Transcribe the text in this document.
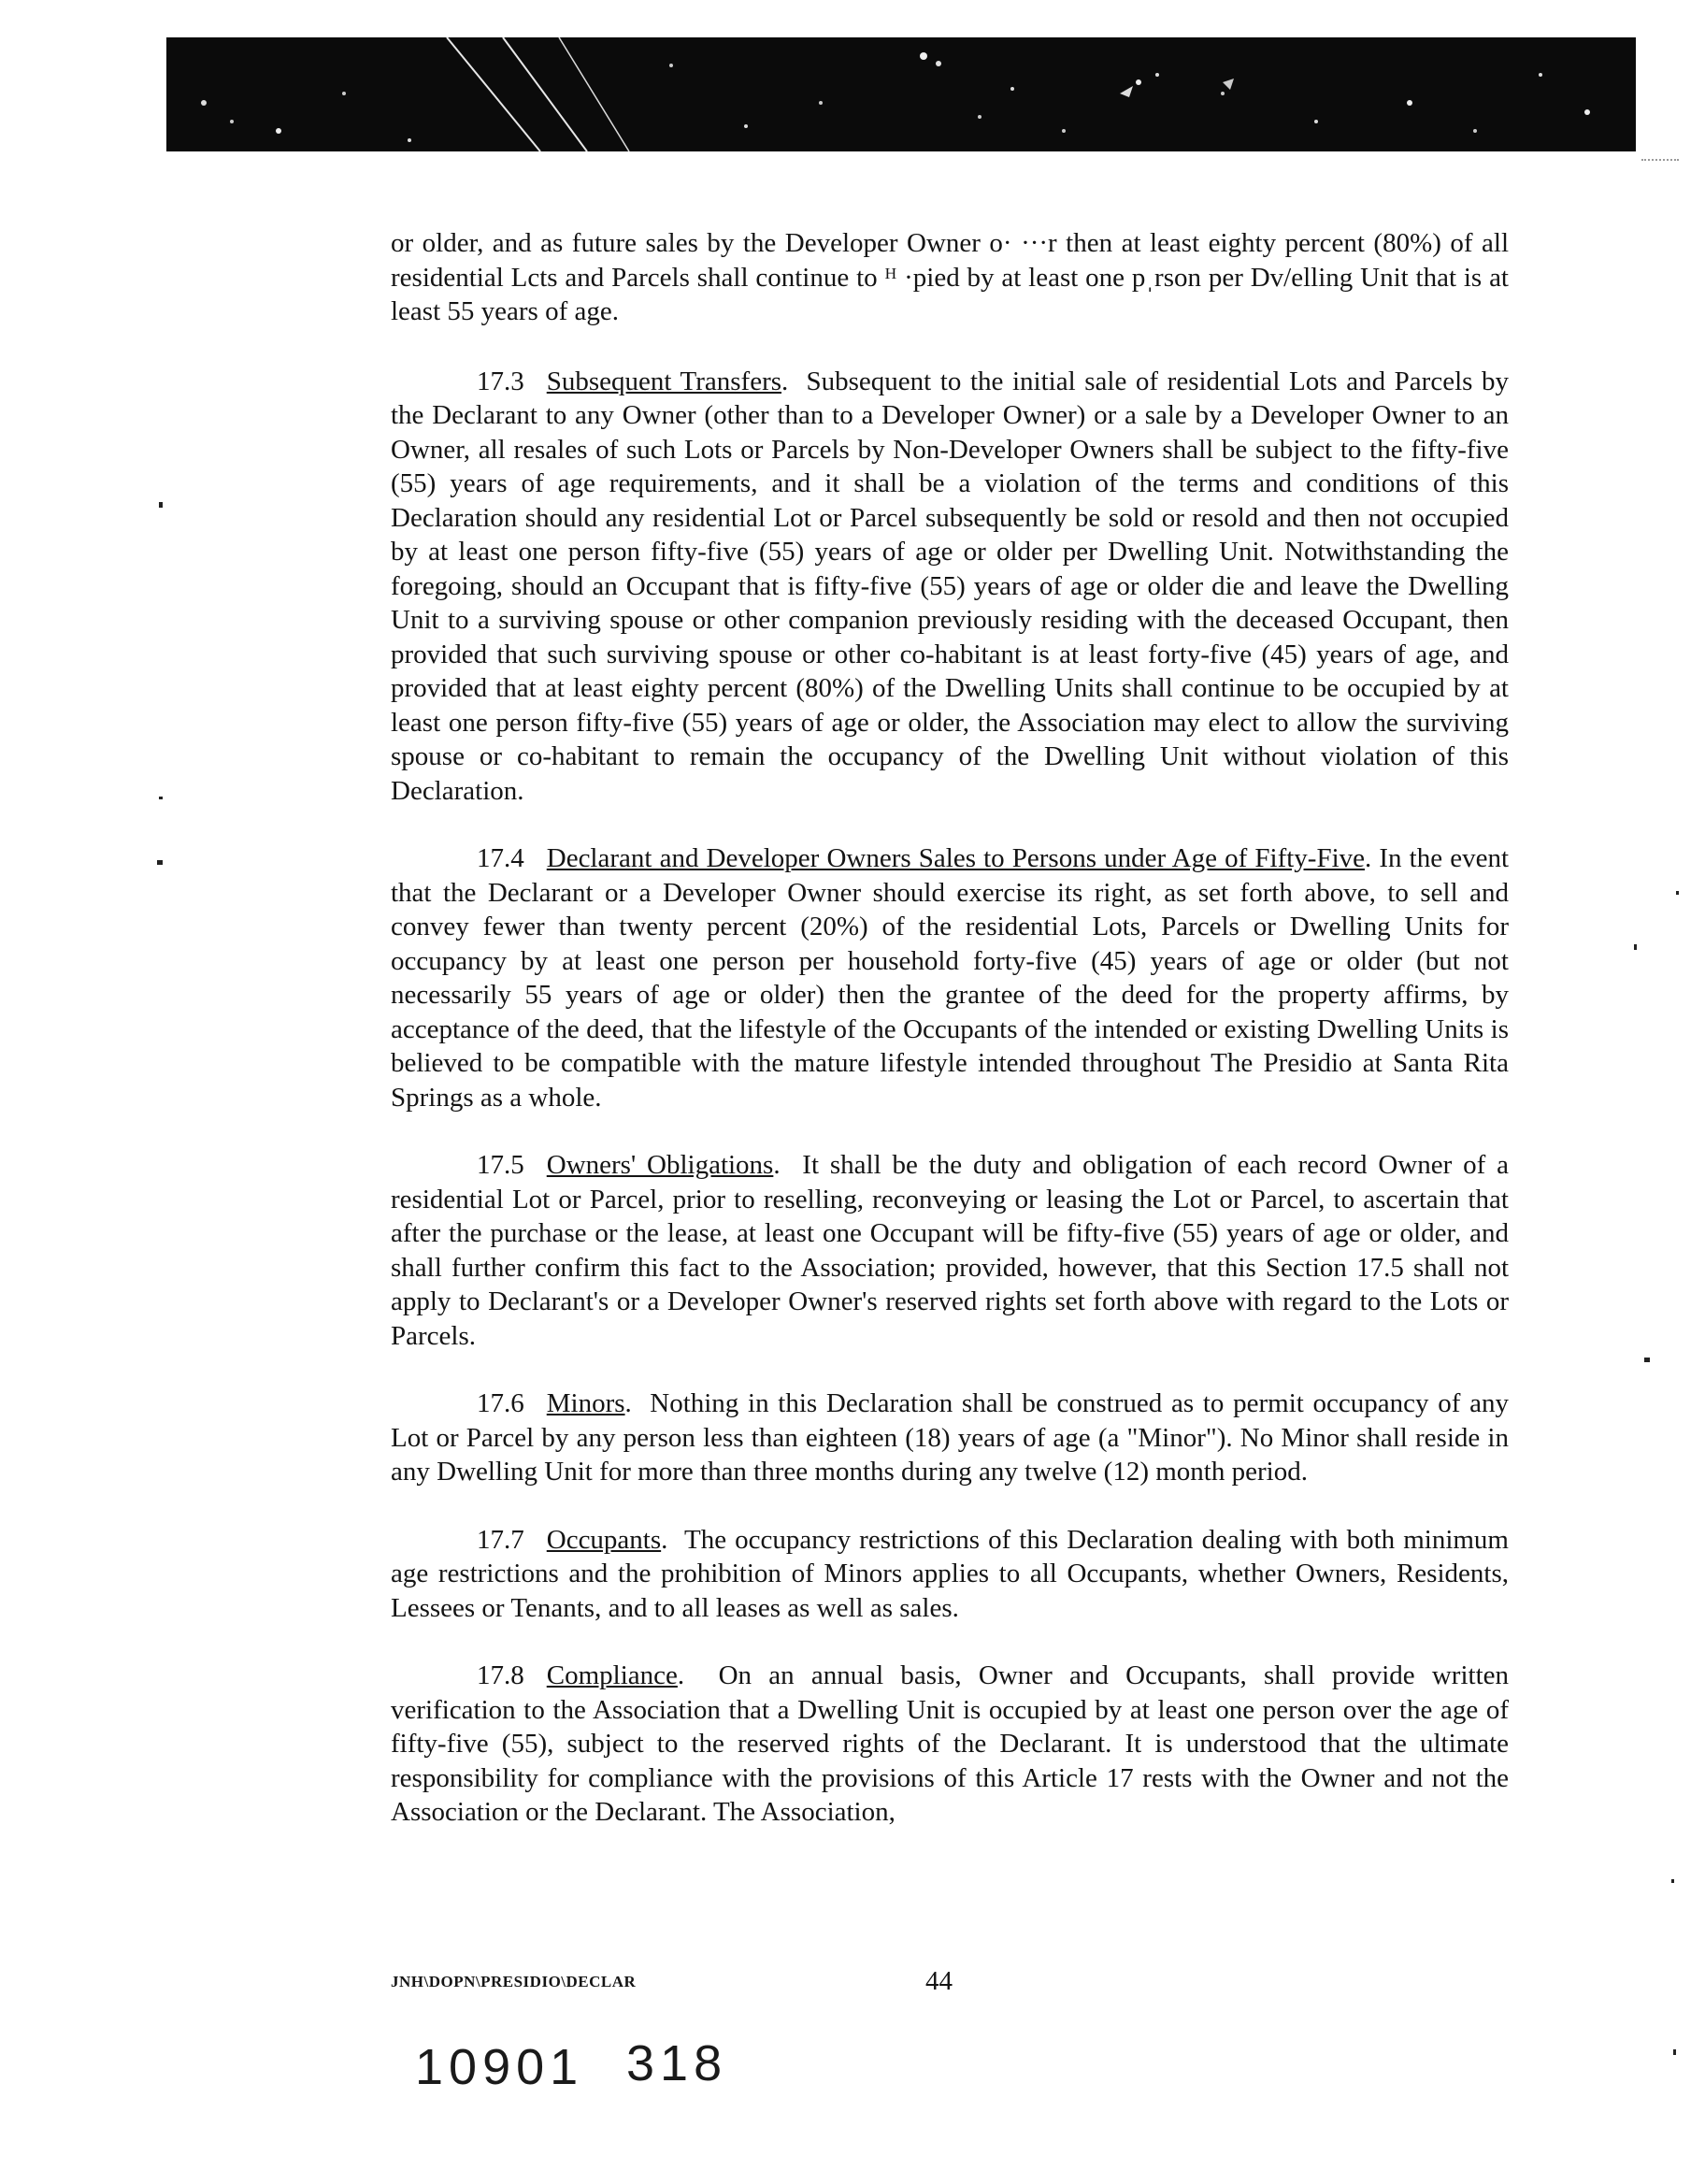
or older, and as future sales by the Developer Owner o· ···r then at least eighty percent (80%) of all residential Lcts and Parcels shall continue to ᴴ ·pied by at least one pˌrson per Dv/elling Unit that is at least 55 years of age.

17.3 Subsequent Transfers.  Subsequent to the initial sale of residential Lots and Parcels by the Declarant to any Owner (other than to a Developer Owner) or a sale by a Developer Owner to an Owner, all resales of such Lots or Parcels by Non-Developer Owners shall be subject to the fifty-five (55) years of age requirements, and it shall be a violation of the terms and conditions of this Declaration should any residential Lot or Parcel subsequently be sold or resold and then not occupied by at least one person fifty-five (55) years of age or older per Dwelling Unit. Notwithstanding the foregoing, should an Occupant that is fifty-five (55) years of age or older die and leave the Dwelling Unit to a surviving spouse or other companion previously residing with the deceased Occupant, then provided that such surviving spouse or other co-habitant is at least forty-five (45) years of age, and provided that at least eighty percent (80%) of the Dwelling Units shall continue to be occupied by at least one person fifty-five (55) years of age or older, the Association may elect to allow the surviving spouse or co-habitant to remain the occupancy of the Dwelling Unit without violation of this Declaration.

17.4 Declarant and Developer Owners Sales to Persons under Age of Fifty-Five. In the event that the Declarant or a Developer Owner should exercise its right, as set forth above, to sell and convey fewer than twenty percent (20%) of the residential Lots, Parcels or Dwelling Units for occupancy by at least one person per household forty-five (45) years of age or older (but not necessarily 55 years of age or older) then the grantee of the deed for the property affirms, by acceptance of the deed, that the lifestyle of the Occupants of the intended or existing Dwelling Units is believed to be compatible with the mature lifestyle intended throughout The Presidio at Santa Rita Springs as a whole.

17.5 Owners' Obligations.  It shall be the duty and obligation of each record Owner of a residential Lot or Parcel, prior to reselling, reconveying or leasing the Lot or Parcel, to ascertain that after the purchase or the lease, at least one Occupant will be fifty-five (55) years of age or older, and shall further confirm this fact to the Association; provided, however, that this Section 17.5 shall not apply to Declarant's or a Developer Owner's reserved rights set forth above with regard to the Lots or Parcels.

17.6 Minors.  Nothing in this Declaration shall be construed as to permit occupancy of any Lot or Parcel by any person less than eighteen (18) years of age (a "Minor"). No Minor shall reside in any Dwelling Unit for more than three months during any twelve (12) month period.

17.7 Occupants.  The occupancy restrictions of this Declaration dealing with both minimum age restrictions and the prohibition of Minors applies to all Occupants, whether Owners, Residents, Lessees or Tenants, and to all leases as well as sales.

17.8 Compliance.  On an annual basis, Owner and Occupants, shall provide written verification to the Association that a Dwelling Unit is occupied by at least one person over the age of fifty-five (55), subject to the reserved rights of the Declarant. It is understood that the ultimate responsibility for compliance with the provisions of this Article 17 rests with the Owner and not the Association or the Declarant. The Association,

JNH\DOPN\PRESIDIO\DECLAR	44
10901 318
